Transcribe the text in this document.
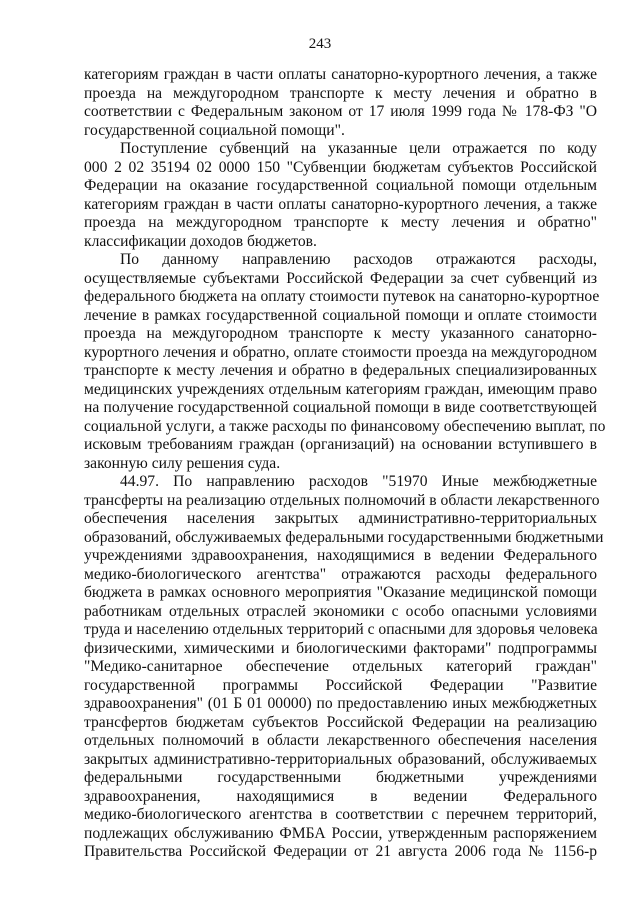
243
категориям граждан в части оплаты санаторно-курортного лечения, а также
проезда на междугородном транспорте к месту лечения и обратно в
соответствии с Федеральным законом от 17 июля 1999 года № 178-ФЗ "О
государственной социальной помощи".
Поступление субвенций на указанные цели отражается по коду
000 2 02 35194 02 0000 150 "Субвенции бюджетам субъектов Российской
Федерации на оказание государственной социальной помощи отдельным
категориям граждан в части оплаты санаторно-курортного лечения, а также
проезда на междугородном транспорте к месту лечения и обратно"
классификации доходов бюджетов.
По данному направлению расходов отражаются расходы,
осуществляемые субъектами Российской Федерации за счет субвенций из
федерального бюджета на оплату стоимости путевок на санаторно-курортное
лечение в рамках государственной социальной помощи и оплате стоимости
проезда на междугородном транспорте к месту указанного санаторно-
курортного лечения и обратно, оплате стоимости проезда на междугородном
транспорте к месту лечения и обратно в федеральных специализированных
медицинских учреждениях отдельным категориям граждан, имеющим право
на получение государственной социальной помощи в виде соответствующей
социальной услуги, а также расходы по финансовому обеспечению выплат, по
исковым требованиям граждан (организаций) на основании вступившего в
законную силу решения суда.
44.97. По направлению расходов "51970 Иные межбюджетные
трансферты на реализацию отдельных полномочий в области лекарственного
обеспечения населения закрытых административно-территориальных
образований, обслуживаемых федеральными государственными бюджетными
учреждениями здравоохранения, находящимися в ведении Федерального
медико-биологического агентства" отражаются расходы федерального
бюджета в рамках основного мероприятия "Оказание медицинской помощи
работникам отдельных отраслей экономики с особо опасными условиями
труда и населению отдельных территорий с опасными для здоровья человека
физическими, химическими и биологическими факторами" подпрограммы
"Медико-санитарное обеспечение отдельных категорий граждан"
государственной программы Российской Федерации "Развитие
здравоохранения" (01 Б 01 00000) по предоставлению иных межбюджетных
трансфертов бюджетам субъектов Российской Федерации на реализацию
отдельных полномочий в области лекарственного обеспечения населения
закрытых административно-территориальных образований, обслуживаемых
федеральными государственными бюджетными учреждениями
здравоохранения, находящимися в ведении Федерального
медико-биологического агентства в соответствии с перечнем территорий,
подлежащих обслуживанию ФМБА России, утвержденным распоряжением
Правительства Российской Федерации от 21 августа 2006 года № 1156-р
